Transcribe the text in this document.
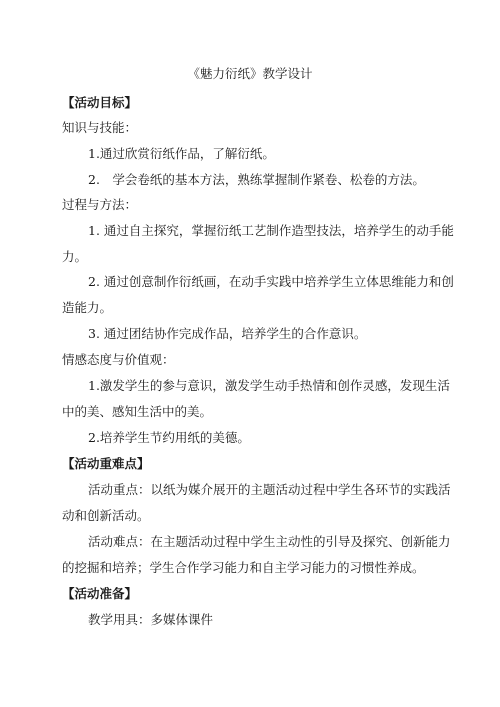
《魅力衍纸》教学设计
【活动目标】
知识与技能：
1.通过欣赏衍纸作品，了解衍纸。
2.　学会卷纸的基本方法，熟练掌握制作紧卷、松卷的方法。
过程与方法：
1. 通过自主探究，掌握衍纸工艺制作造型技法，培养学生的动手能
力。
2. 通过创意制作衍纸画，在动手实践中培养学生立体思维能力和创
造能力。
3. 通过团结协作完成作品，培养学生的合作意识。
情感态度与价值观：
1.激发学生的参与意识，激发学生动手热情和创作灵感，发现生活
中的美、感知生活中的美。
2.培养学生节约用纸的美德。
【活动重难点】
活动重点：以纸为媒介展开的主题活动过程中学生各环节的实践活
动和创新活动。
活动难点：在主题活动过程中学生主动性的引导及探究、创新能力
的挖掘和培养；学生合作学习能力和自主学习能力的习惯性养成。
【活动准备】
教学用具：多媒体课件
